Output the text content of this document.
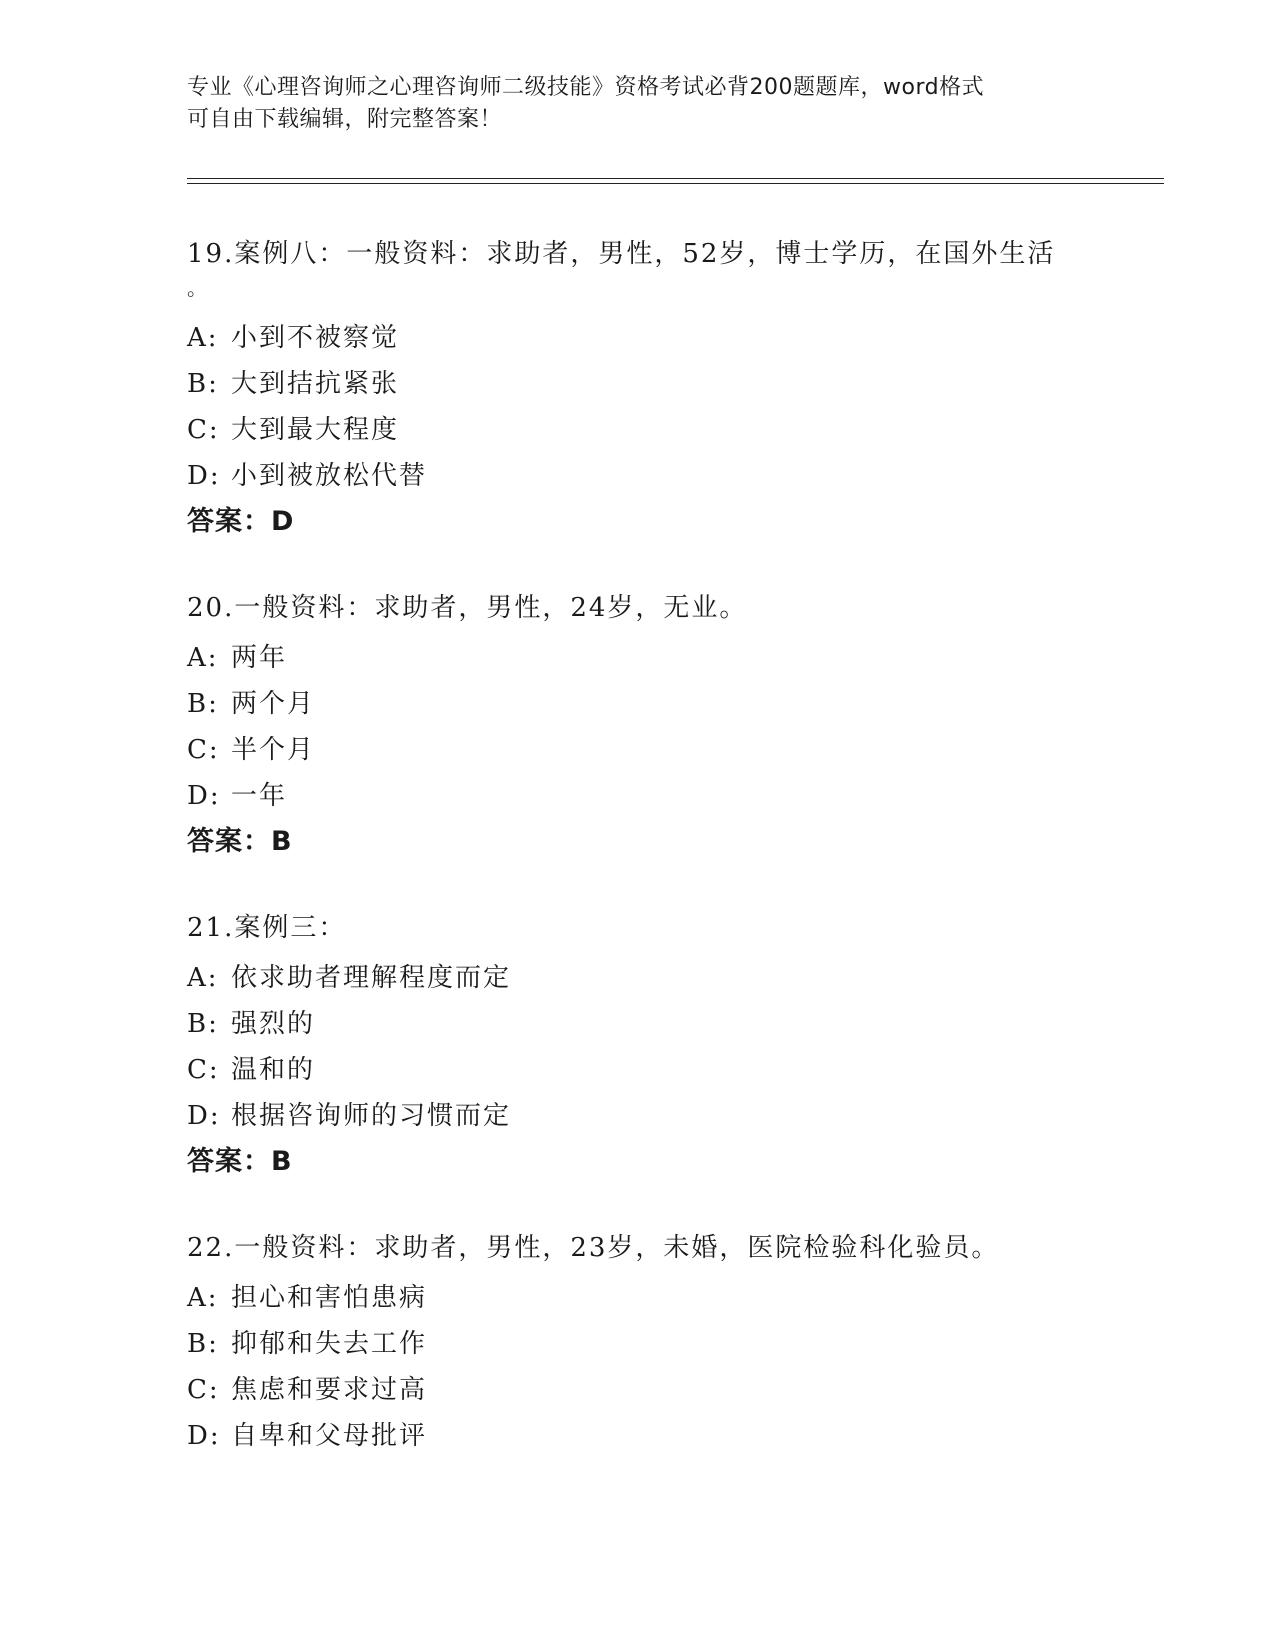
专业《心理咨询师之心理咨询师二级技能》资格考试必背200题题库，word格式
可自由下载编辑，附完整答案！
19.案例八：一般资料：求助者，男性，52岁，博士学历，在国外生活
。
A: 小到不被察觉
B: 大到拮抗紧张
C: 大到最大程度
D: 小到被放松代替
答案：D
20.一般资料：求助者，男性，24岁，无业。
A: 两年
B: 两个月
C: 半个月
D: 一年
答案：B
21.案例三：
A: 依求助者理解程度而定
B: 强烈的
C: 温和的
D: 根据咨询师的习惯而定
答案：B
22.一般资料：求助者，男性，23岁，未婚，医院检验科化验员。
A: 担心和害怕患病
B: 抑郁和失去工作
C: 焦虑和要求过高
D: 自卑和父母批评
